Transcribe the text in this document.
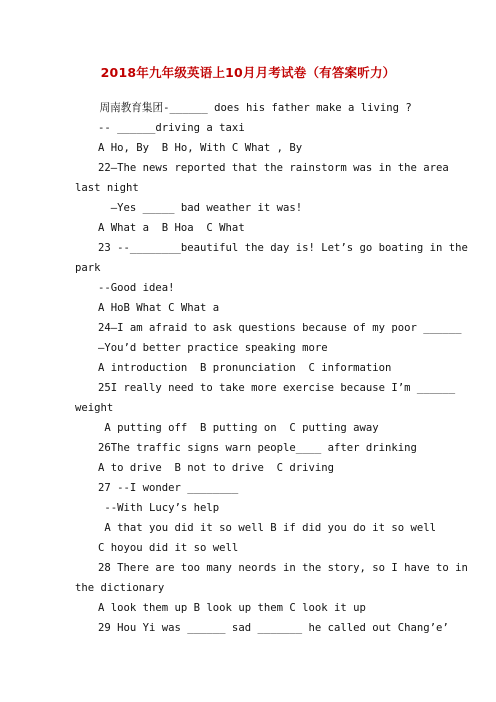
2018年九年级英语上10月月考试卷（有答案听力）
周南教育集团-______ does his father make a living ?
-- ______driving a taxi
A Ho, By  B Ho, With C What , By
22—The news reported that the rainstorm was in the area
last night
—Yes _____ bad weather it was!
A What a  B Hoa  C What
23 --________beautiful the day is! Let’s go boating in the
park
--Good idea!
A HoB What C What a
24—I am afraid to ask questions because of my poor ______
—You’d better practice speaking more
A introduction  B pronunciation  C information
25I really need to take more exercise because I’m ______
weight
A putting off  B putting on  C putting away
26The traffic signs warn people____ after drinking
A to drive  B not to drive  C driving
27 --I wonder ________
--With Lucy’s help
A that you did it so well B if did you do it so well
C hoyou did it so well
28 There are too many neords in the story, so I have to in
the dictionary
A look them up B look up them C look it up
29 Hou Yi was ______ sad _______ he called out Chang’e’
